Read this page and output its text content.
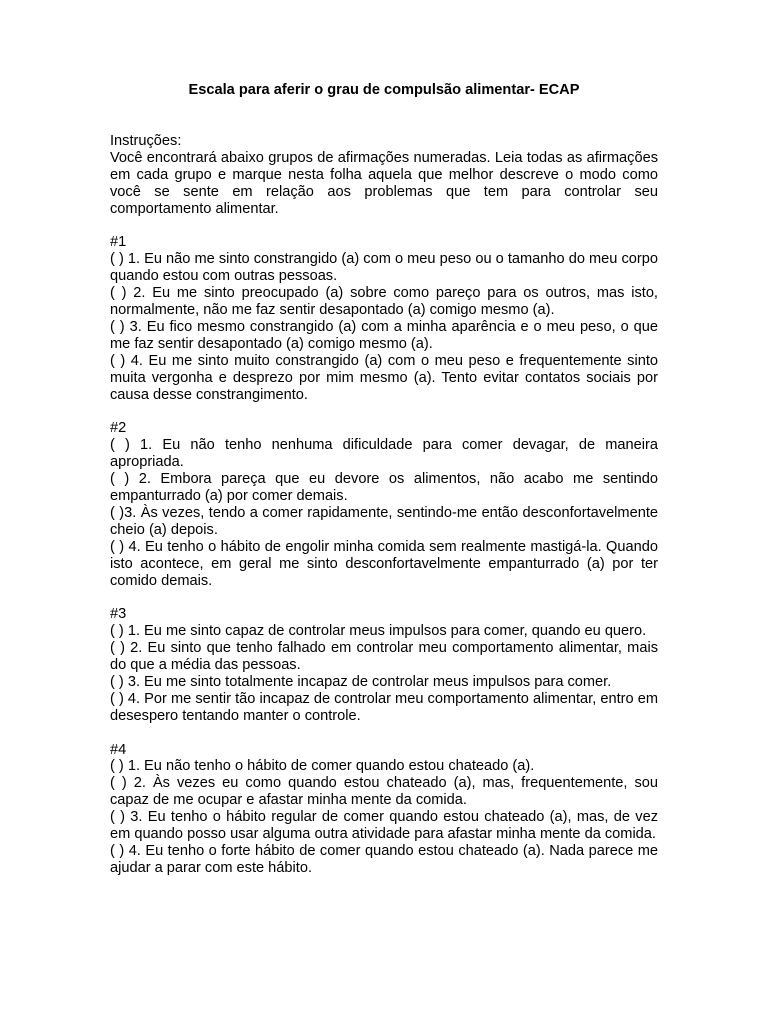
Escala para aferir o grau de compulsão alimentar- ECAP

Instruções:

Você encontrará abaixo grupos de afirmações numeradas. Leia todas as afirmações em cada grupo e marque nesta folha aquela que melhor descreve o modo como você se sente em relação aos problemas que tem para controlar seu comportamento alimentar.

#1

( ) 1. Eu não me sinto constrangido (a) com o meu peso ou o tamanho do meu corpo quando estou com outras pessoas.

( ) 2. Eu me sinto preocupado (a) sobre como pareço para os outros, mas isto, normalmente, não me faz sentir desapontado (a) comigo mesmo (a).

( ) 3. Eu fico mesmo constrangido (a) com a minha aparência e o meu peso, o que me faz sentir desapontado (a) comigo mesmo (a).

( ) 4. Eu me sinto muito constrangido (a) com o meu peso e frequentemente sinto muita vergonha e desprezo por mim mesmo (a). Tento evitar contatos sociais por causa desse constrangimento.

#2

( ) 1. Eu não tenho nenhuma dificuldade para comer devagar, de maneira apropriada.

( ) 2. Embora pareça que eu devore os alimentos, não acabo me sentindo empanturrado (a) por comer demais.

( )3. Às vezes, tendo a comer rapidamente, sentindo-me então desconfortavelmente cheio (a) depois.

( ) 4. Eu tenho o hábito de engolir minha comida sem realmente mastigá-la. Quando isto acontece, em geral me sinto desconfortavelmente empanturrado (a) por ter comido demais.

#3

( ) 1. Eu me sinto capaz de controlar meus impulsos para comer, quando eu quero.

( ) 2. Eu sinto que tenho falhado em controlar meu comportamento alimentar, mais do que a média das pessoas.

( ) 3. Eu me sinto totalmente incapaz de controlar meus impulsos para comer.

( ) 4. Por me sentir tão incapaz de controlar meu comportamento alimentar, entro em desespero tentando manter o controle.

#4

( ) 1. Eu não tenho o hábito de comer quando estou chateado (a).

( ) 2. Às vezes eu como quando estou chateado (a), mas, frequentemente, sou capaz de me ocupar e afastar minha mente da comida.

( ) 3. Eu tenho o hábito regular de comer quando estou chateado (a), mas, de vez em quando posso usar alguma outra atividade para afastar minha mente da comida.

( ) 4. Eu tenho o forte hábito de comer quando estou chateado (a). Nada parece me ajudar a parar com este hábito.
